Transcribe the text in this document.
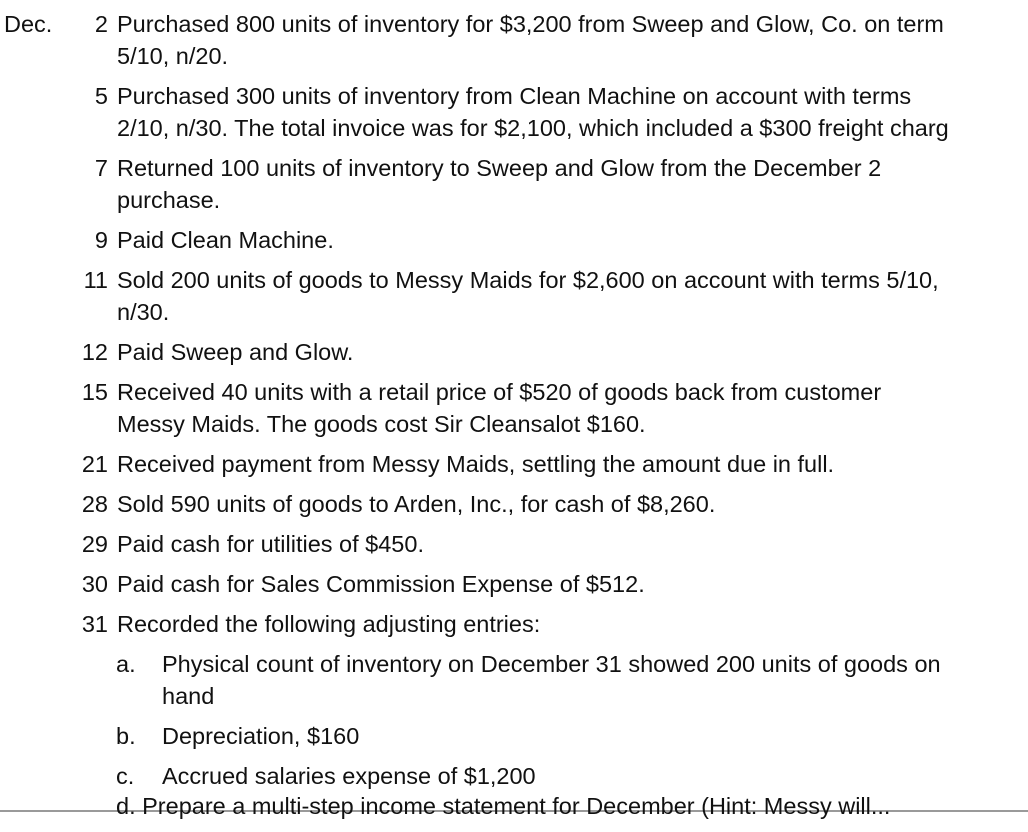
Dec.	2 Purchased 800 units of inventory for $3,200 from Sweep and Glow, Co. on term
5/10, n/20.
5 Purchased 300 units of inventory from Clean Machine on account with terms
2/10, n/30. The total invoice was for $2,100, which included a $300 freight charg
7 Returned 100 units of inventory to Sweep and Glow from the December 2
purchase.
9 Paid Clean Machine.
11 Sold 200 units of goods to Messy Maids for $2,600 on account with terms 5/10,
n/30.
12 Paid Sweep and Glow.
15 Received 40 units with a retail price of $520 of goods back from customer
Messy Maids. The goods cost Sir Cleansalot $160.
21 Received payment from Messy Maids, settling the amount due in full.
28 Sold 590 units of goods to Arden, Inc., for cash of $8,260.
29 Paid cash for utilities of $450.
30 Paid cash for Sales Commission Expense of $512.
31 Recorded the following adjusting entries:
a. Physical count of inventory on December 31 showed 200 units of goods on
hand
b. Depreciation, $160
c. Accrued salaries expense of $1,200
d. Prepare a multi-step income statement for December (Hint: Messy will...
